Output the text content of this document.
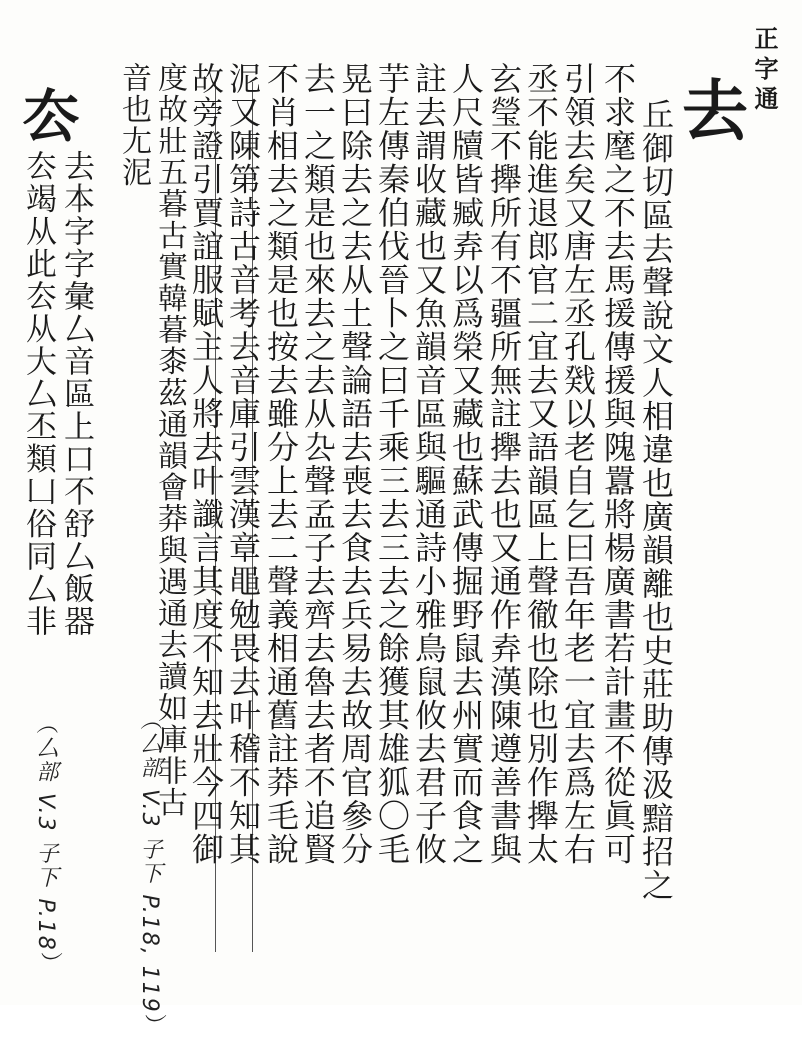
正字通
去
丘御切區去聲說文人相違也廣韻離也史莊助傳汲黯招之
不求麾之不去馬援傳援與隗囂將楊廣書若計畫不從眞可
引領去矣又唐左丞孔戣以老自乞曰吾年老一宜去爲左右
丞不能進退郎官二宜去又語韻區上聲徹也除也別作攑太
玄瑩不攑所有不疆所無註攑去也又通作弆漢陳遵善書與
人尺牘皆臧弆以爲榮又藏也蘇武傳掘野鼠去州實而食之
註去謂收藏也又魚韻音區與驅通詩小雅鳥鼠攸去君子攸
芋左傳秦伯伐晉卜之曰千乘三去三去之餘獲其雄狐〇毛
晃曰除去之去从土聲論語去喪去食去兵易去故周官參分
去一之類是也來去之去从厹聲孟子去齊去魯去者不追賢
不肖相去之類是也按去雖分上去二聲義相通舊註莽毛說
泥又陳第詩古音考去音庫引雲漢章黽勉畏去叶稽不知其
故旁證引賈誼服賦主人將去叶讖言其度不知去壯今四御
度故壯五暮古實韓暮桼茲通韻會莽與遇通去讀如庫非古
音也尢泥
（厶部 V.3 子下 P.18, 119）
厺
去本字字彙厶音區上口不舒厶飯器
厺竭从此厺从大厶丕類凵俗同厶非
（厶部 V.3 子下 P.18）
